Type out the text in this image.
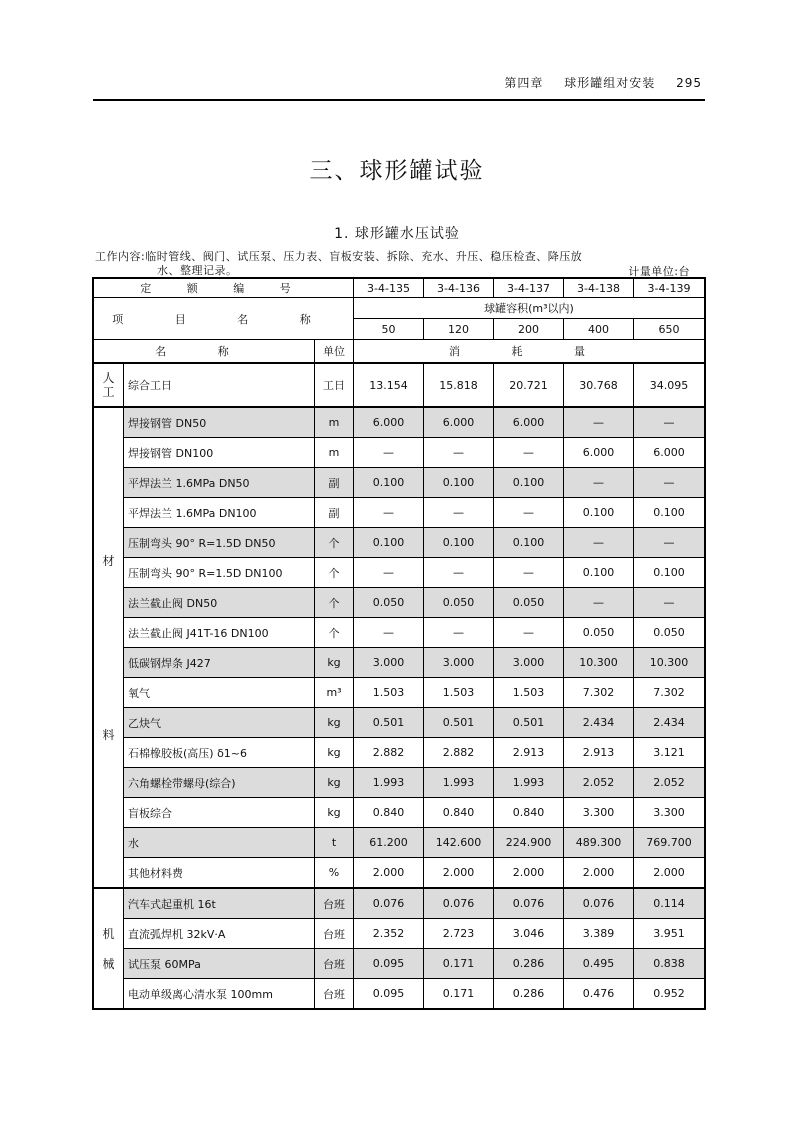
第四章 球形罐组对安装 295
三、球形罐试验
1. 球形罐水压试验
工作内容:临时管线、阀门、试压泵、压力表、盲板安装、拆除、充水、升压、稳压检查、降压放
水、整理记录。	计量单位:台
定 额 编 号			3-4-135	3-4-136	3-4-137	3-4-138	3-4-139
项 目 名 称			球罐容积(m³以内)				
			50	120	200	400	650
名 称		单位	消 耗 量				

人
工	综合工日	工日	13.154	15.818	20.721	30.768	34.095

材
料	焊接钢管 DN50	m	6.000	6.000	6.000	—	—
	焊接钢管 DN100	m	—	—	—	6.000	6.000
	平焊法兰 1.6MPa DN50	副	0.100	0.100	0.100	—	—
	平焊法兰 1.6MPa DN100	副	—	—	—	0.100	0.100
	压制弯头 90° R=1.5D DN50	个	0.100	0.100	0.100	—	—
	压制弯头 90° R=1.5D DN100	个	—	—	—	0.100	0.100
	法兰截止阀 DN50	个	0.050	0.050	0.050	—	—
	法兰截止阀 J41T-16 DN100	个	—	—	—	0.050	0.050
	低碳钢焊条 J427	kg	3.000	3.000	3.000	10.300	10.300
	氧气	m³	1.503	1.503	1.503	7.302	7.302
	乙炔气	kg	0.501	0.501	0.501	2.434	2.434
	石棉橡胶板(高压) δ1~6	kg	2.882	2.882	2.913	2.913	3.121
	六角螺栓带螺母(综合)	kg	1.993	1.993	1.993	2.052	2.052
	盲板综合	kg	0.840	0.840	0.840	3.300	3.300
	水	t	61.200	142.600	224.900	489.300	769.700
	其他材料费	%	2.000	2.000	2.000	2.000	2.000

机
械	汽车式起重机 16t	台班	0.076	0.076	0.076	0.076	0.114
	直流弧焊机 32kV·A	台班	2.352	2.723	3.046	3.389	3.951
	试压泵 60MPa	台班	0.095	0.171	0.286	0.495	0.838
	电动单级离心清水泵 100mm	台班	0.095	0.171	0.286	0.476	0.952
